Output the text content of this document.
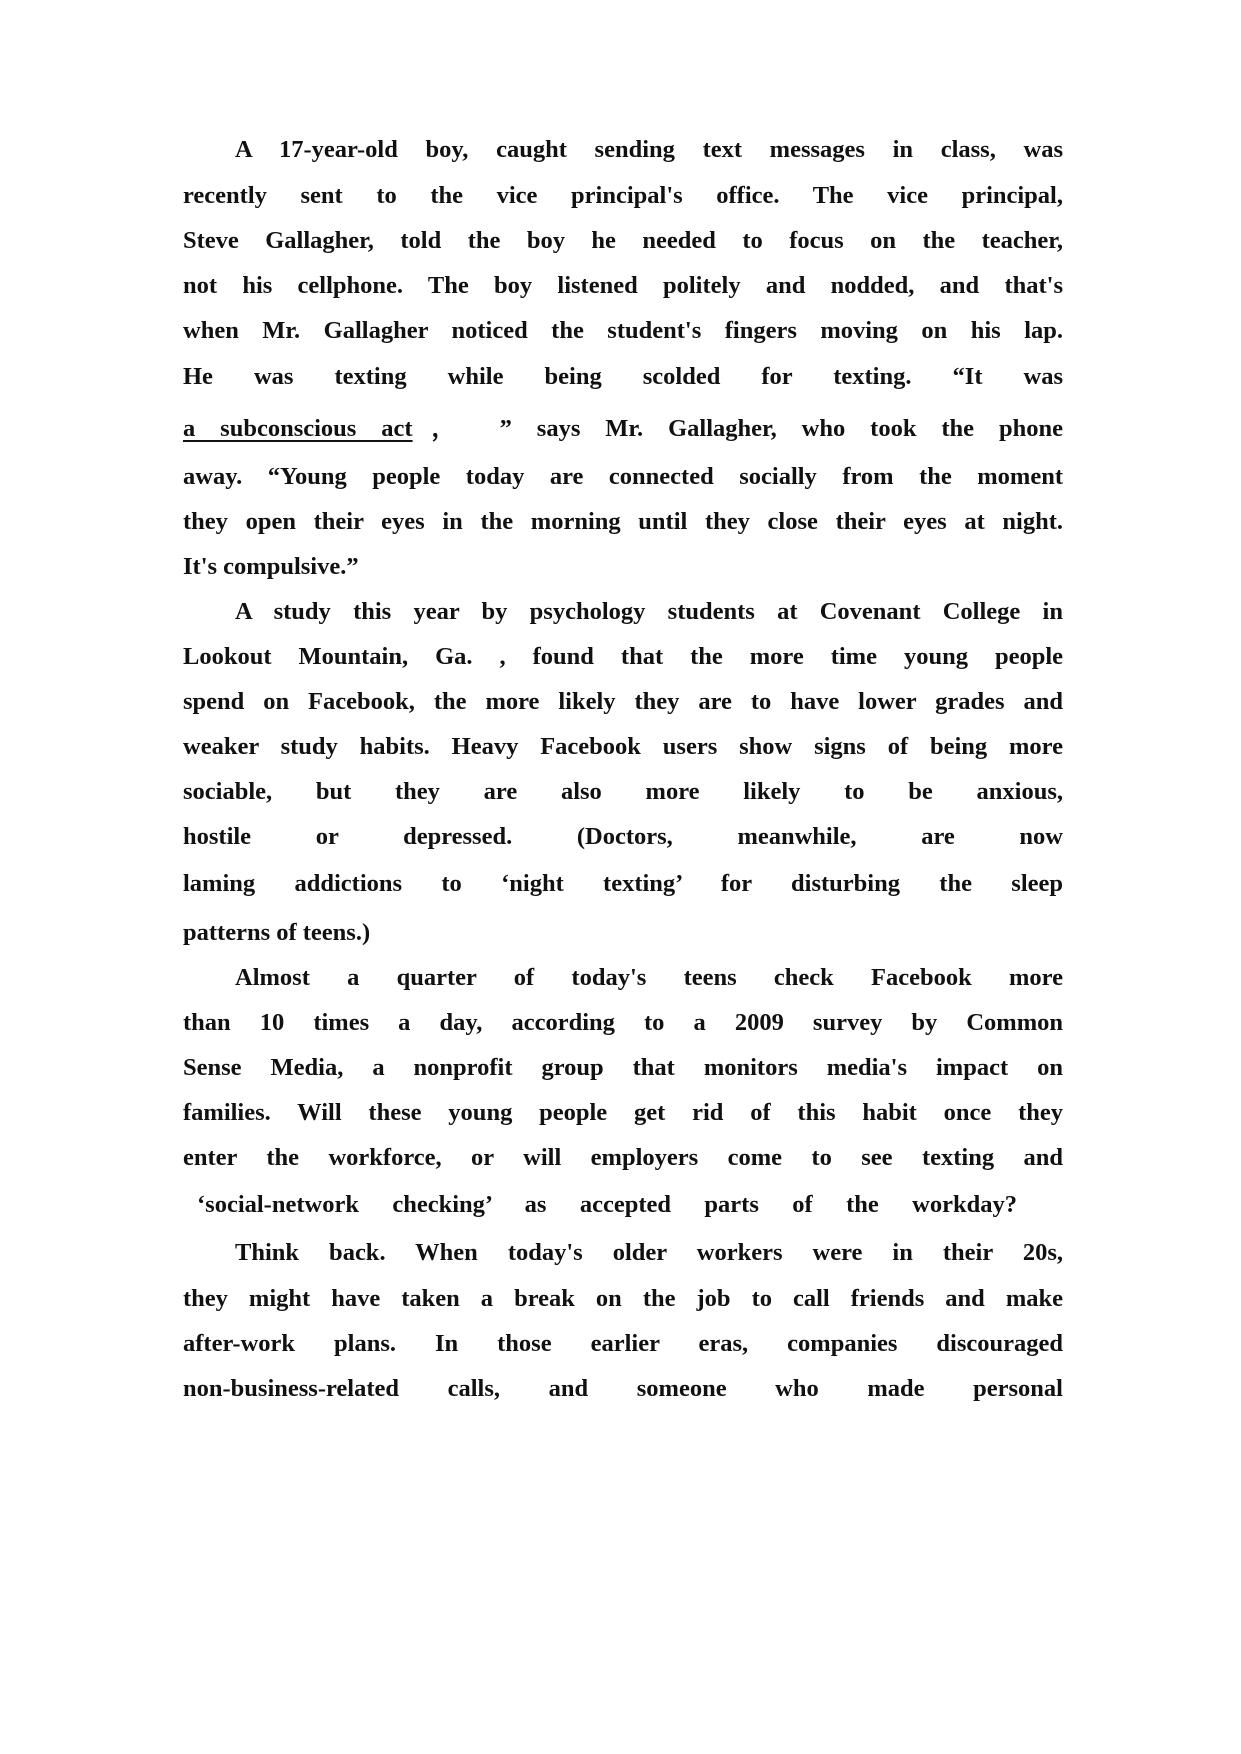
A 17-year-old boy, caught sending text messages in class, was
recently sent to the vice principal's office. The vice principal,
Steve Gallagher, told the boy he needed to focus on the teacher,
not his cellphone. The boy listened politely and nodded, and that's
when Mr. Gallagher noticed the student's fingers moving on his lap.
He was texting while being scolded for texting. “It was
a subconscious act， ” says Mr. Gallagher, who took the phone
away. “Young people today are connected socially from the moment
they open their eyes in the morning until they close their eyes at night.
It's compulsive.”
A study this year by psychology students at Covenant College in
Lookout Mountain, Ga. , found that the more time young people
spend on Facebook, the more likely they are to have lower grades and
weaker study habits. Heavy Facebook users show signs of being more
sociable, but they are also more likely to be anxious,
hostile or depressed. (Doctors, meanwhile, are now
laming addictions to ‘night texting’ for disturbing the sleep
patterns of teens.)
Almost a quarter of today's teens check Facebook more
than 10 times a day, according to a 2009 survey by Common
Sense Media, a nonprofit group that monitors media's impact on
families. Will these young people get rid of this habit once they
enter the workforce, or will employers come to see texting and
‘social-network checking’ as accepted parts of the workday?
Think back. When today's older workers were in their 20s,
they might have taken a break on the job to call friends and make
after-work plans. In those earlier eras, companies discouraged
non-business-related calls, and someone who made personal
